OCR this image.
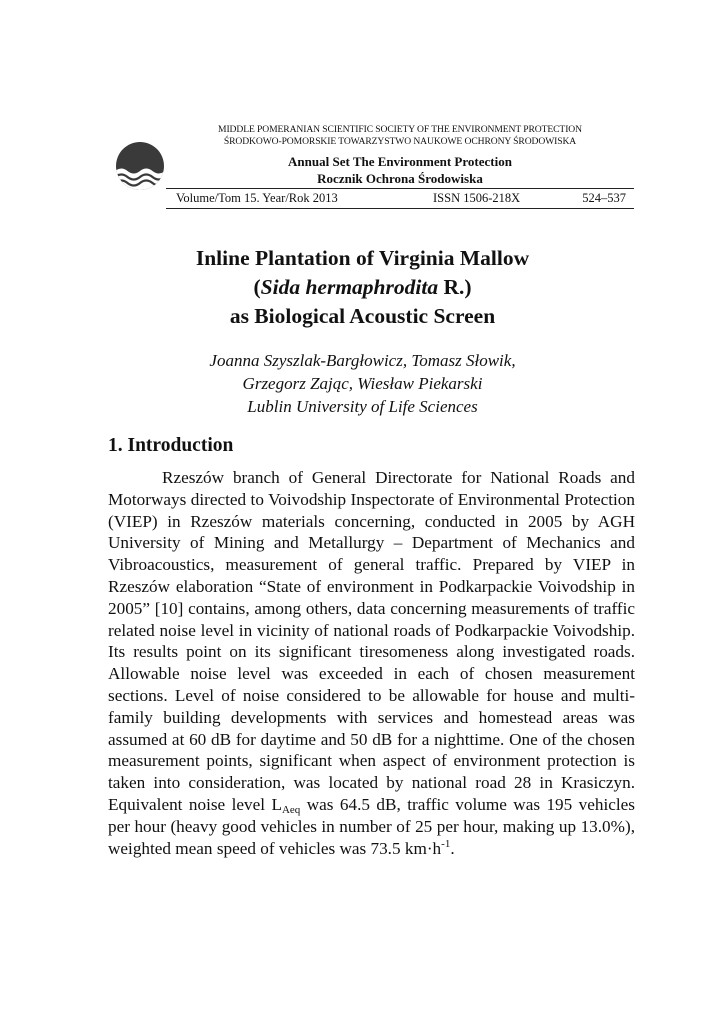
MIDDLE POMERANIAN SCIENTIFIC SOCIETY OF THE ENVIRONMENT PROTECTION
ŚRODKOWO-POMORSKIE TOWARZYSTWO NAUKOWE OCHRONY ŚRODOWISKA
Annual Set The Environment Protection
Rocznik Ochrona Środowiska
Volume/Tom 15. Year/Rok 2013	ISSN 1506-218X	524–537
Inline Plantation of Virginia Mallow
(Sida hermaphrodita R.)
as Biological Acoustic Screen
Joanna Szyszlak-Bargłowicz, Tomasz Słowik,
Grzegorz Zając, Wiesław Piekarski
Lublin University of Life Sciences
1. Introduction

Rzeszów branch of General Directorate for National Roads and Motorways directed to Voivodship Inspectorate of Environmental Protection (VIEP) in Rzeszów materials concerning, conducted in 2005 by AGH University of Mining and Metallurgy – Department of Mechanics and Vibroacoustics, measurement of general traffic. Prepared by VIEP in Rzeszów elaboration “State of environment in Podkarpackie Voivodship in 2005” [10] contains, among others, data concerning measurements of traffic related noise level in vicinity of national roads of Podkarpackie Voivodship. Its results point on its significant tiresomeness along investigated roads. Allowable noise level was exceeded in each of chosen measurement sections. Level of noise considered to be allowable for house and multi-family building developments with services and homestead areas was assumed at 60 dB for daytime and 50 dB for a nighttime. One of the chosen measurement points, significant when aspect of environment protection is taken into consideration, was located by national road 28 in Krasiczyn. Equivalent noise level $L_{Aeq}$ was 64.5 dB, traffic volume was 195 vehicles per hour (heavy good vehicles in number of 25 per hour, making up 13.0%), weighted mean speed of vehicles was 73.5 $km\cdot h^{-1}$.
